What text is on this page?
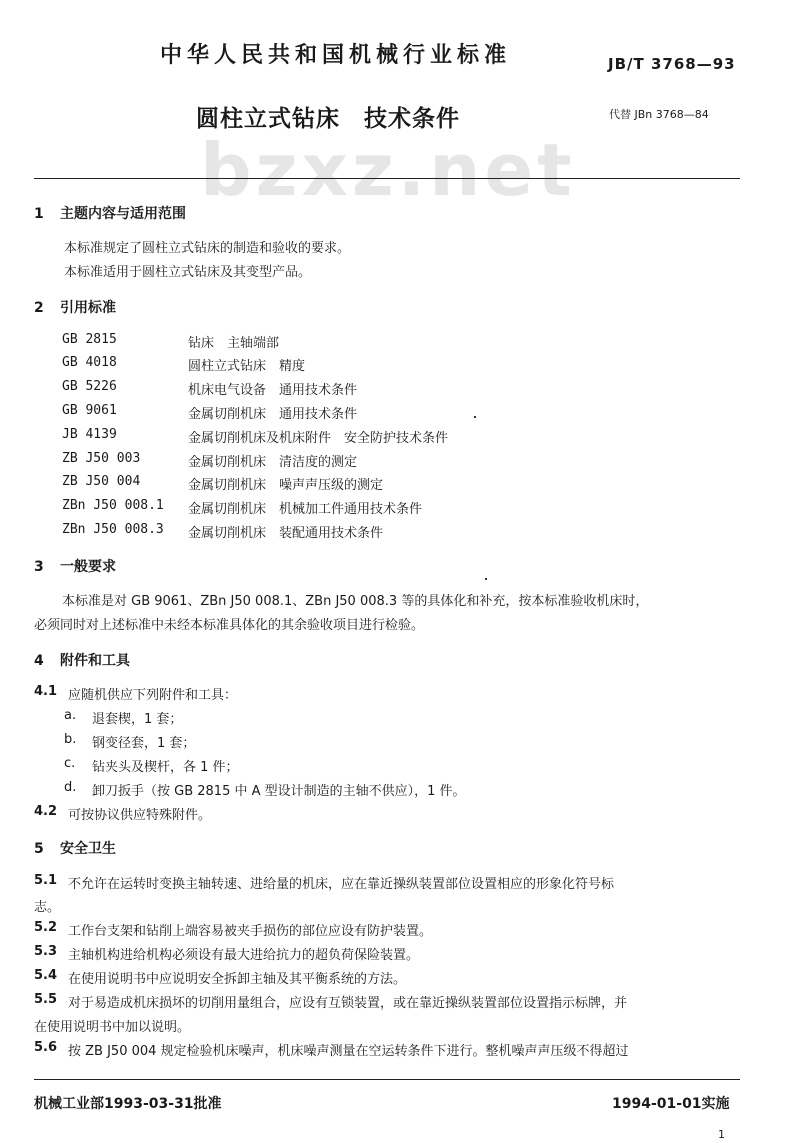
中华人民共和国机械行业标准	JB/T 3768—93
bzxz.net
圆柱立式钻床　技术条件	代替 JBn 3768—84
1 主题内容与适用范围
本标准规定了圆柱立式钻床的制造和验收的要求。
本标准适用于圆柱立式钻床及其变型产品。
2 引用标准
GB 2815	钻床　主轴端部
GB 4018	圆柱立式钻床　精度
GB 5226	机床电气设备　通用技术条件
GB 9061	金属切削机床　通用技术条件
JB 4139	金属切削机床及机床附件　安全防护技术条件
ZB J50 003	金属切削机床　清洁度的测定
ZB J50 004	金属切削机床　噪声声压级的测定
ZBn J50 008.1 金属切削机床　机械加工件通用技术条件
ZBn J50 008.3 金属切削机床　装配通用技术条件
3 一般要求
本标准是对 GB 9061、ZBn J50 008.1、ZBn J50 008.3 等的具体化和补充，按本标准验收机床时，
必须同时对上述标准中未经本标准具体化的其余验收项目进行检验。
4 附件和工具
4.1 应随机供应下列附件和工具：
a. 退套楔，1 套；
b. 钢变径套，1 套；
c. 钻夹头及楔杆，各 1 件；
d. 卸刀扳手（按 GB 2815 中 A 型设计制造的主轴不供应），1 件。
4.2 可按协议供应特殊附件。
5 安全卫生
5.1 不允许在运转时变换主轴转速、进给量的机床，应在靠近操纵装置部位设置相应的形象化符号标
志。
5.2 工作台支架和钻削上端容易被夹手损伤的部位应设有防护装置。
5.3 主轴机构进给机构必须设有最大进给抗力的超负荷保险装置。
5.4 在使用说明书中应说明安全拆卸主轴及其平衡系统的方法。
5.5 对于易造成机床损坏的切削用量组合，应设有互锁装置，或在靠近操纵装置部位设置指示标牌，并
在使用说明书中加以说明。
5.6 按 ZB J50 004 规定检验机床噪声，机床噪声测量在空运转条件下进行。整机噪声声压级不得超过
机械工业部1993-03-31批准	1994-01-01实施
1
